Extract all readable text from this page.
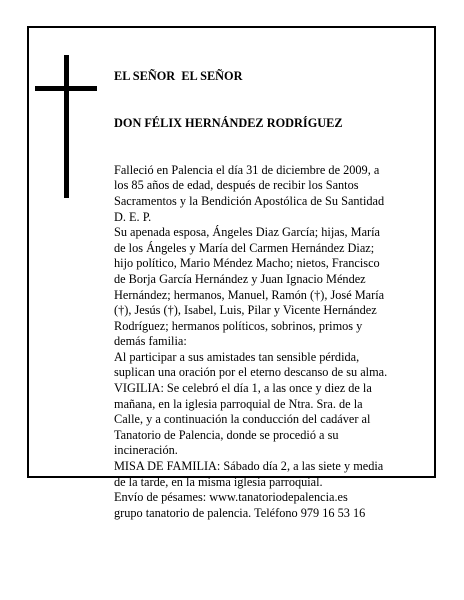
EL SEÑOR  EL SEÑOR

DON FÉLIX HERNÁNDEZ RODRÍGUEZ

Falleció en Palencia el día 31 de diciembre de 2009, a
los 85 años de edad, después de recibir los Santos
Sacramentos y la Bendición Apostólica de Su Santidad
D. E. P.
Su apenada esposa, Ángeles Diaz García; hijas, María
de los Ángeles y María del Carmen Hernández Diaz;
hijo político, Mario Méndez Macho; nietos, Francisco
de Borja García Hernández y Juan Ignacio Méndez
Hernández; hermanos, Manuel, Ramón (†), José María
(†), Jesús (†), Isabel, Luis, Pilar y Vicente Hernández
Rodríguez; hermanos políticos, sobrinos, primos y
demás familia:
Al participar a sus amistades tan sensible pérdida,
suplican una oración por el eterno descanso de su alma.
VIGILIA: Se celebró el día 1, a las once y diez de la
mañana, en la iglesia parroquial de Ntra. Sra. de la
Calle, y a continuación la conducción del cadáver al
Tanatorio de Palencia, donde se procedió a su
incineración.
MISA DE FAMILIA: Sábado día 2, a las siete y media
de la tarde, en la misma iglesia parroquial.
Envío de pésames: www.tanatoriodepalencia.es
grupo tanatorio de palencia. Teléfono 979 16 53 16
